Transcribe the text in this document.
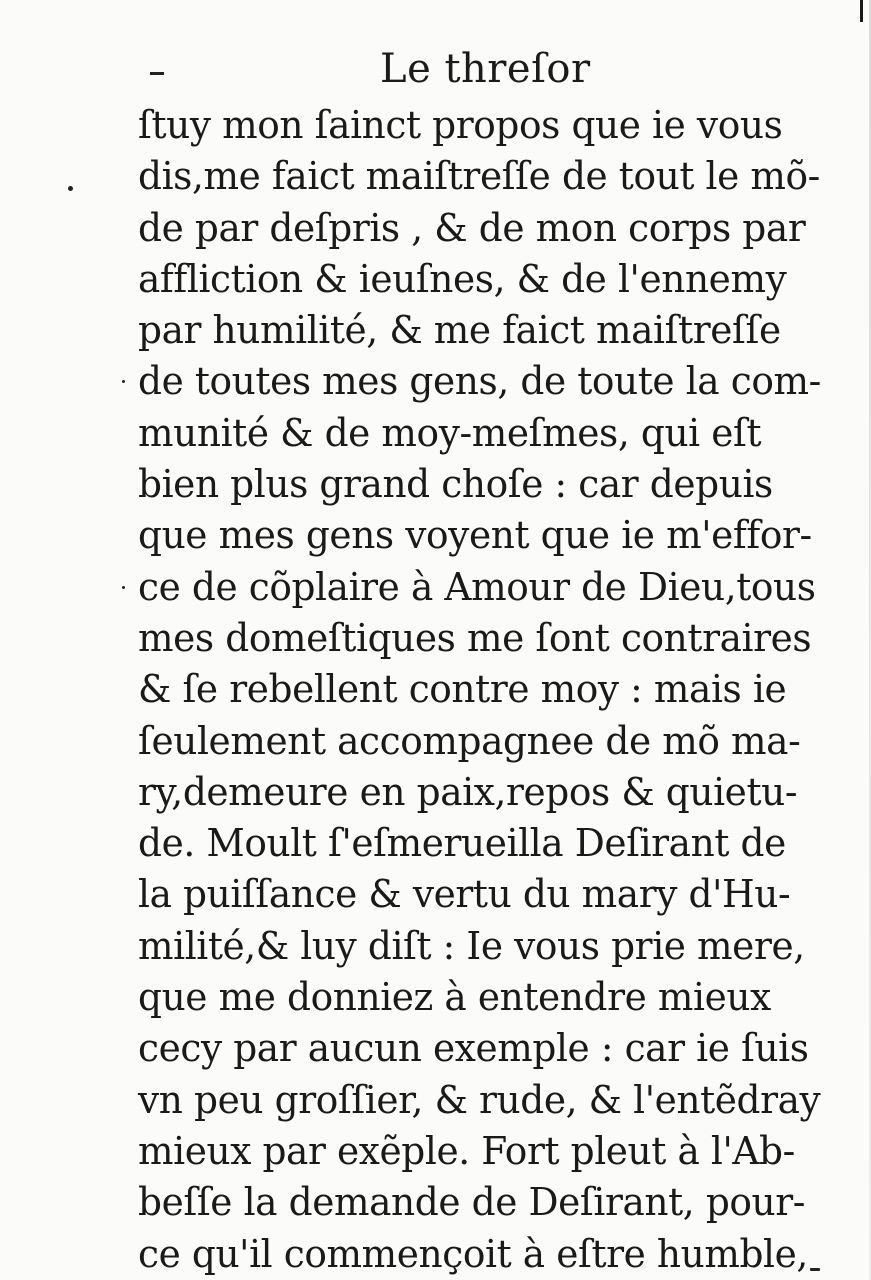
Le threſor
ſtuy mon ſainct propos que ie vous
dis,me faict maiſtreſſe de tout le mõ-
de par deſpris , & de mon corps par
affliction & ieuſnes, & de l'ennemy
par humilité, & me faict maiſtreſſe
de toutes mes gens, de toute la com-
munité & de moy-meſmes, qui eſt
bien plus grand choſe : car depuis
que mes gens voyent que ie m'effor-
ce de cõplaire à Amour de Dieu,tous
mes domeſtiques me ſont contraires
& ſe rebellent contre moy : mais ie
ſeulement accompagnee de mõ ma-
ry,demeure en paix,repos & quietu-
de. Moult ſ'eſmerueilla Deſirant de
la puiſſance & vertu du mary d'Hu-
milité,& luy diſt : Ie vous prie mere,
que me donniez à entendre mieux
cecy par aucun exemple : car ie ſuis
vn peu groſſier, & rude, & l'entẽdray
mieux par exẽple. Fort pleut à l'Ab-
beſſe la demande de Deſirant, pour-
ce qu'il commençoit à eſtre humble,
